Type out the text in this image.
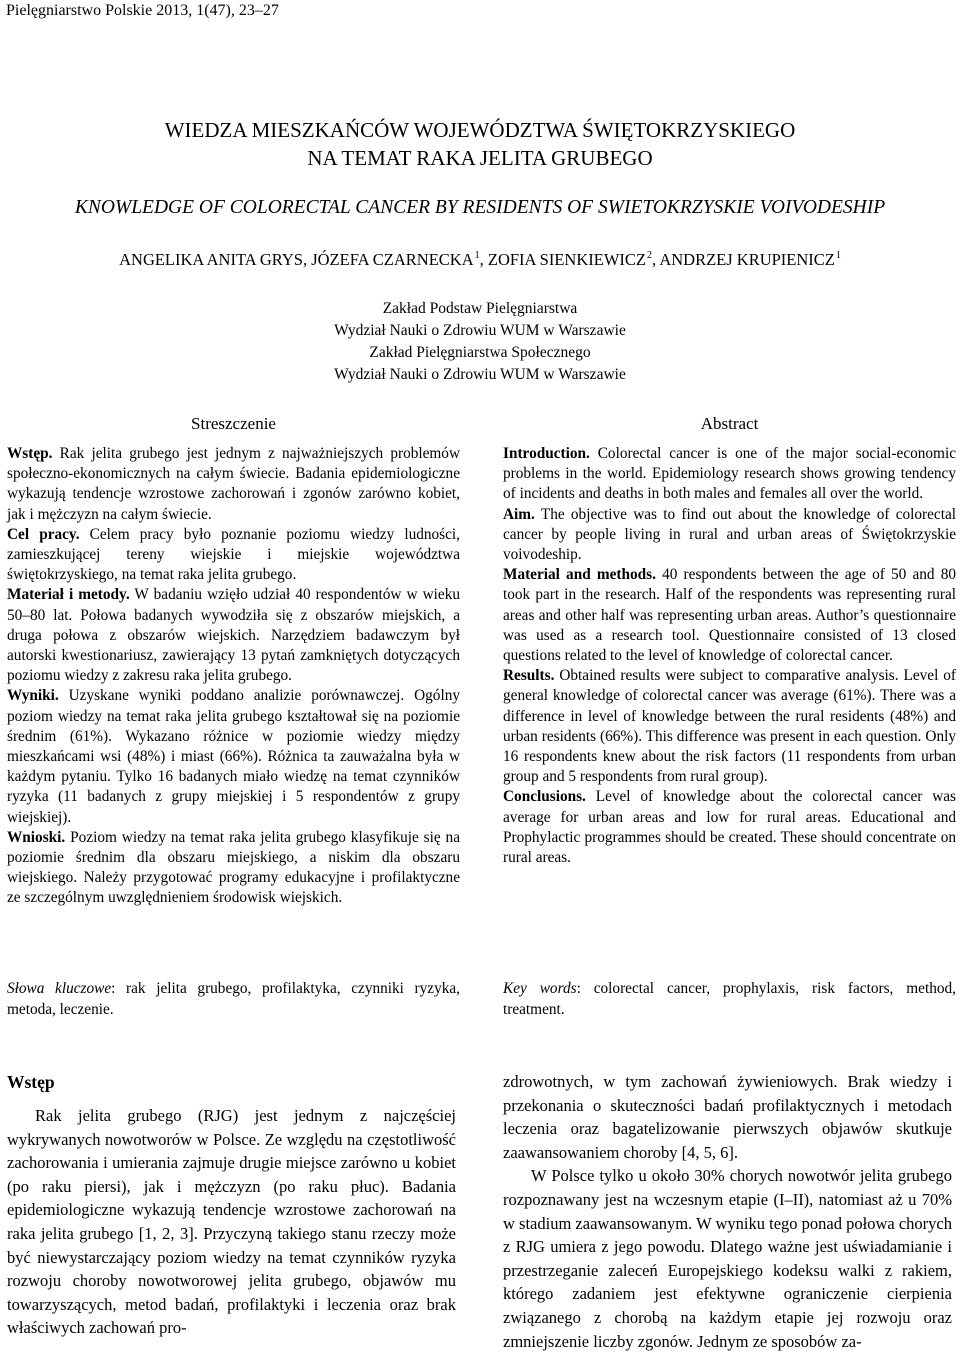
Pielęgniarstwo Polskie 2013, 1(47), 23–27
WIEDZA MIESZKAŃCÓW WOJEWÓDZTWA ŚWIĘTOKRZYSKIEGO
NA TEMAT RAKA JELITA GRUBEGO
KNOWLEDGE OF COLORECTAL CANCER BY RESIDENTS OF SWIETOKRZYSKIE VOIVODESHIP
ANGELIKA ANITA GRYS, JÓZEFA CZARNECKA$^1$, ZOFIA SIENKIEWICZ$^2$, ANDRZEJ KRUPIENICZ$^1$
Zakład Podstaw Pielęgniarstwa
Wydział Nauki o Zdrowiu WUM w Warszawie
Zakład Pielęgniarstwa Społecznego
Wydział Nauki o Zdrowiu WUM w Warszawie
Streszczenie

Wstęp. Rak jelita grubego jest jednym z najważniejszych problemów społeczno-ekonomicznych na całym świecie. Badania epidemiologiczne wykazują tendencje wzrostowe zachorowań i zgonów zarówno kobiet, jak i mężczyzn na całym świecie.

Cel pracy. Celem pracy było poznanie poziomu wiedzy ludności, zamieszkującej tereny wiejskie i miejskie województwa świętokrzyskiego, na temat raka jelita grubego.

Materiał i metody. W badaniu wzięło udział 40 respondentów w wieku 50–80 lat. Połowa badanych wywodziła się z obszarów miejskich, a druga połowa z obszarów wiejskich. Narzędziem badawczym był autorski kwestionariusz, zawierający 13 pytań zamkniętych dotyczących poziomu wiedzy z zakresu raka jelita grubego.

Wyniki. Uzyskane wyniki poddano analizie porównawczej. Ogólny poziom wiedzy na temat raka jelita grubego kształtował się na poziomie średnim (61%). Wykazano różnice w poziomie wiedzy między mieszkańcami wsi (48%) i miast (66%). Różnica ta zauważalna była w każdym pytaniu. Tylko 16 badanych miało wiedzę na temat czynników ryzyka (11 badanych z grupy miejskiej i 5 respondentów z grupy wiejskiej).

Wnioski. Poziom wiedzy na temat raka jelita grubego klasyfikuje się na poziomie średnim dla obszaru miejskiego, a niskim dla obszaru wiejskiego. Należy przygotować programy edukacyjne i profilaktyczne ze szczególnym uwzględnieniem środowisk wiejskich.

Abstract

Introduction. Colorectal cancer is one of the major social-economic problems in the world. Epidemiology research shows growing tendency of incidents and deaths in both males and females all over the world.

Aim. The objective was to find out about the knowledge of colorectal cancer by people living in rural and urban areas of Świętokrzyskie voivodeship.

Material and methods. 40 respondents between the age of 50 and 80 took part in the research. Half of the respondents was representing rural areas and other half was representing urban areas. Author’s questionnaire was used as a research tool. Questionnaire consisted of 13 closed questions related to the level of knowledge of colorectal cancer.

Results. Obtained results were subject to comparative analysis. Level of general knowledge of colorectal cancer was average (61%). There was a difference in level of knowledge between the rural residents (48%) and urban residents (66%). This difference was present in each question. Only 16 respondents knew about the risk factors (11 respondents from urban group and 5 respondents from rural group).

Conclusions. Level of knowledge about the colorectal cancer was average for urban areas and low for rural areas. Educational and Prophylactic programmes should be created. These should concentrate on rural areas.

Słowa kluczowe: rak jelita grubego, profilaktyka, czynniki ryzyka, metoda, leczenie.
Key words: colorectal cancer, prophylaxis, risk factors, method, treatment.
Wstęp

Rak jelita grubego (RJG) jest jednym z najczęściej wykrywanych nowotworów w Polsce. Ze względu na częstotliwość zachorowania i umierania zajmuje drugie miejsce zarówno u kobiet (po raku piersi), jak i mężczyzn (po raku płuc). Badania epidemiologiczne wykazują tendencje wzrostowe zachorowań na raka jelita grubego [1, 2, 3]. Przyczyną takiego stanu rzeczy może być niewystarczający poziom wiedzy na temat czynników ryzyka rozwoju choroby nowotworowej jelita grubego, objawów mu towarzyszących, metod badań, profilaktyki i leczenia oraz brak właściwych zachowań pro-

zdrowotnych, w tym zachowań żywieniowych. Brak wiedzy i przekonania o skuteczności badań profilaktycznych i metodach leczenia oraz bagatelizowanie pierwszych objawów skutkuje zaawansowaniem choroby [4, 5, 6].

W Polsce tylko u około 30% chorych nowotwór jelita grubego rozpoznawany jest na wczesnym etapie (I–II), natomiast aż u 70% w stadium zaawansowanym. W wyniku tego ponad połowa chorych z RJG umiera z jego powodu. Dlatego ważne jest uświadamianie i przestrzeganie zaleceń Europejskiego kodeksu walki z rakiem, którego zadaniem jest efektywne ograniczenie cierpienia związanego z chorobą na każdym etapie jej rozwoju oraz zmniejszenie liczby zgonów. Jednym ze sposobów za-
